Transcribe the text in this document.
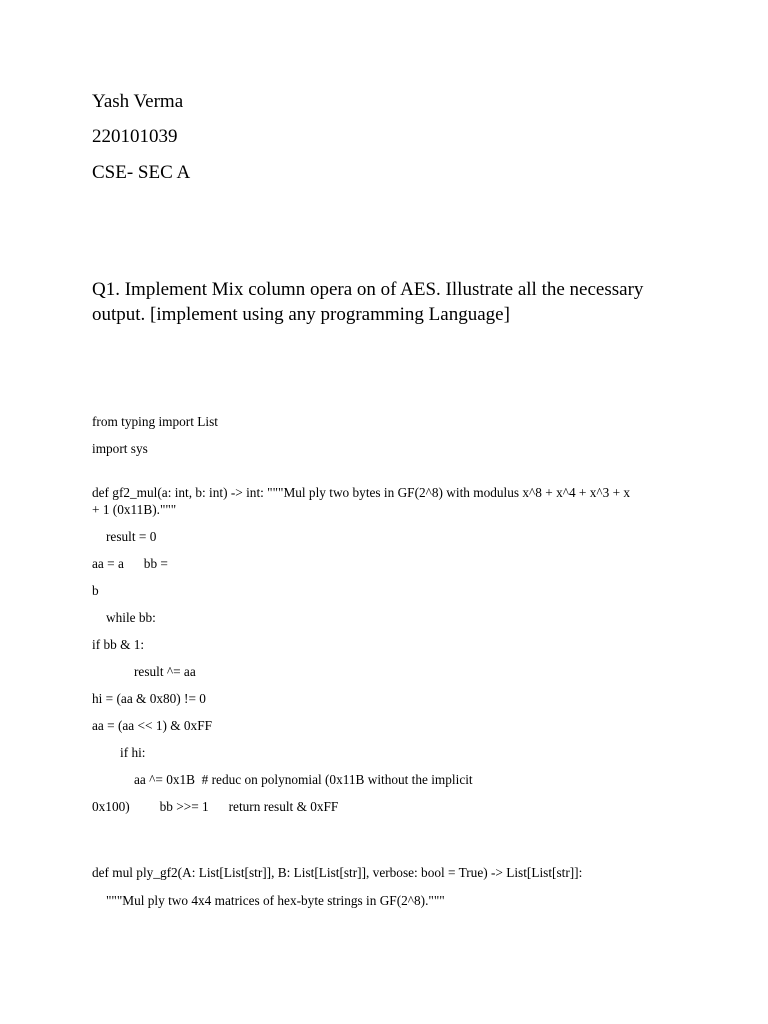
Yash Verma
220101039
CSE- SEC A

Q1. Implement Mix column opera on of AES. Illustrate all the necessary output. [implement using any programming Language]

from typing import List
import sys
def gf2_mul(a: int, b: int) -> int: """Mul ply two bytes in GF(2^8) with modulus x^8 + x^4 + x^3 + x + 1 (0x11B)."""
result = 0
aa = a      bb =
b
while bb:
if bb & 1:
result ^= aa
hi = (aa & 0x80) != 0
aa = (aa << 1) & 0xFF
if hi:
aa ^= 0x1B  # reduc on polynomial (0x11B without the implicit
0x100)         bb >>= 1      return result & 0xFF
def mul ply_gf2(A: List[List[str]], B: List[List[str]], verbose: bool = True) -> List[List[str]]:
"""Mul ply two 4x4 matrices of hex-byte strings in GF(2^8)."""
